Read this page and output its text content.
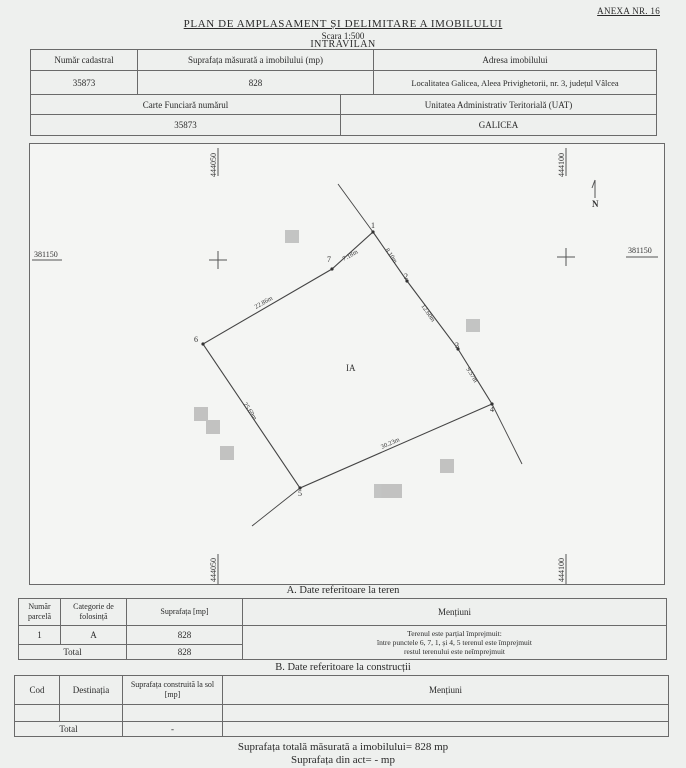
ANEXA NR. 16
PLAN DE AMPLASAMENT ȘI DELIMITARE A IMOBILULUI
Scara 1:500
INTRAVILAN
Număr cadastral	Suprafața măsurată a imobilului (mp)	Adresa imobilului
35873	828	Localitatea Galicea, Aleea Privighetorii, nr. 3, județul Vâlcea
Carte Funciară numărul	Unitatea Administrativ Teritorială (UAT)
35873	GALICEA
444050	444100
444050	444100
381150	381150
N
IA
1
2
3
4
5
6
7 7.18m	8.10m
12.60m
9.57m
30.23m
25.69m
22.86m
A. Date referitoare la teren
Număr parcelă	Categorie de folosință	Suprafața [mp]	Mențiuni
1	A	828	Terenul este parțial împrejmuit:
între punctele 6, 7, 1, și 4, 5 terenul este împrejmuit
restul terenului este neîmprejmuit

Total		828	
B. Date referitoare la construcții
Cod	Destinația	Suprafața construită la sol [mp]	Mențiuni

Total		-	
Suprafața totală măsurată a imobilului= 828 mp
Suprafața din act= - mp
